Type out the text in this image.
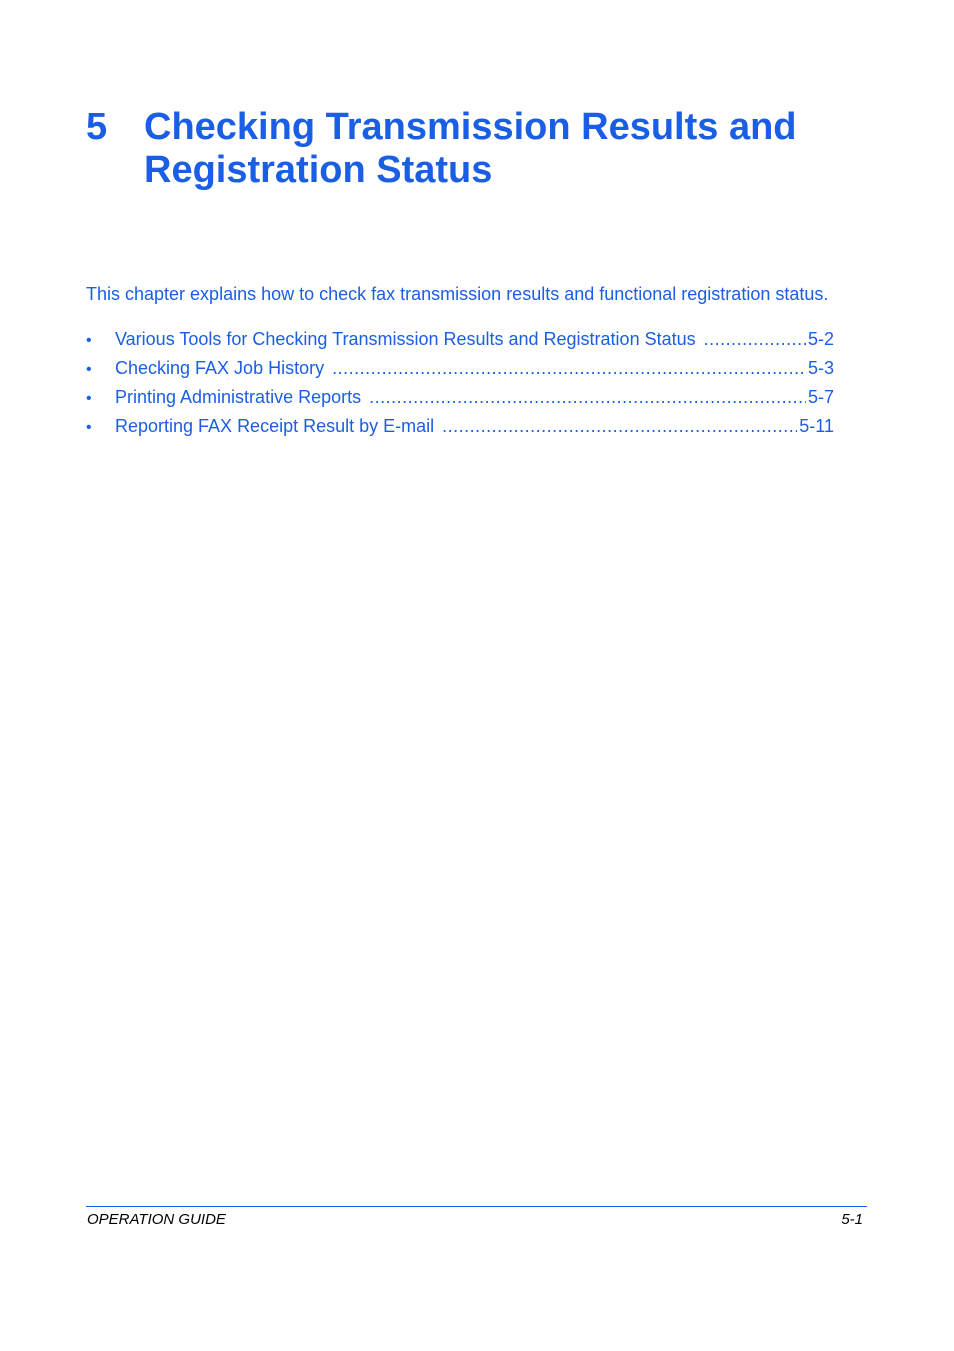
5 Checking Transmission Results and Registration Status
This chapter explains how to check fax transmission results and functional registration status.
•	Various Tools for Checking Transmission Results and Registration Status .....	5-2
•	Checking FAX Job History .....	5-3
•	Printing Administrative Reports .....	5-7
•	Reporting FAX Receipt Result by E-mail .....	5-11
OPERATION GUIDE	5-1
